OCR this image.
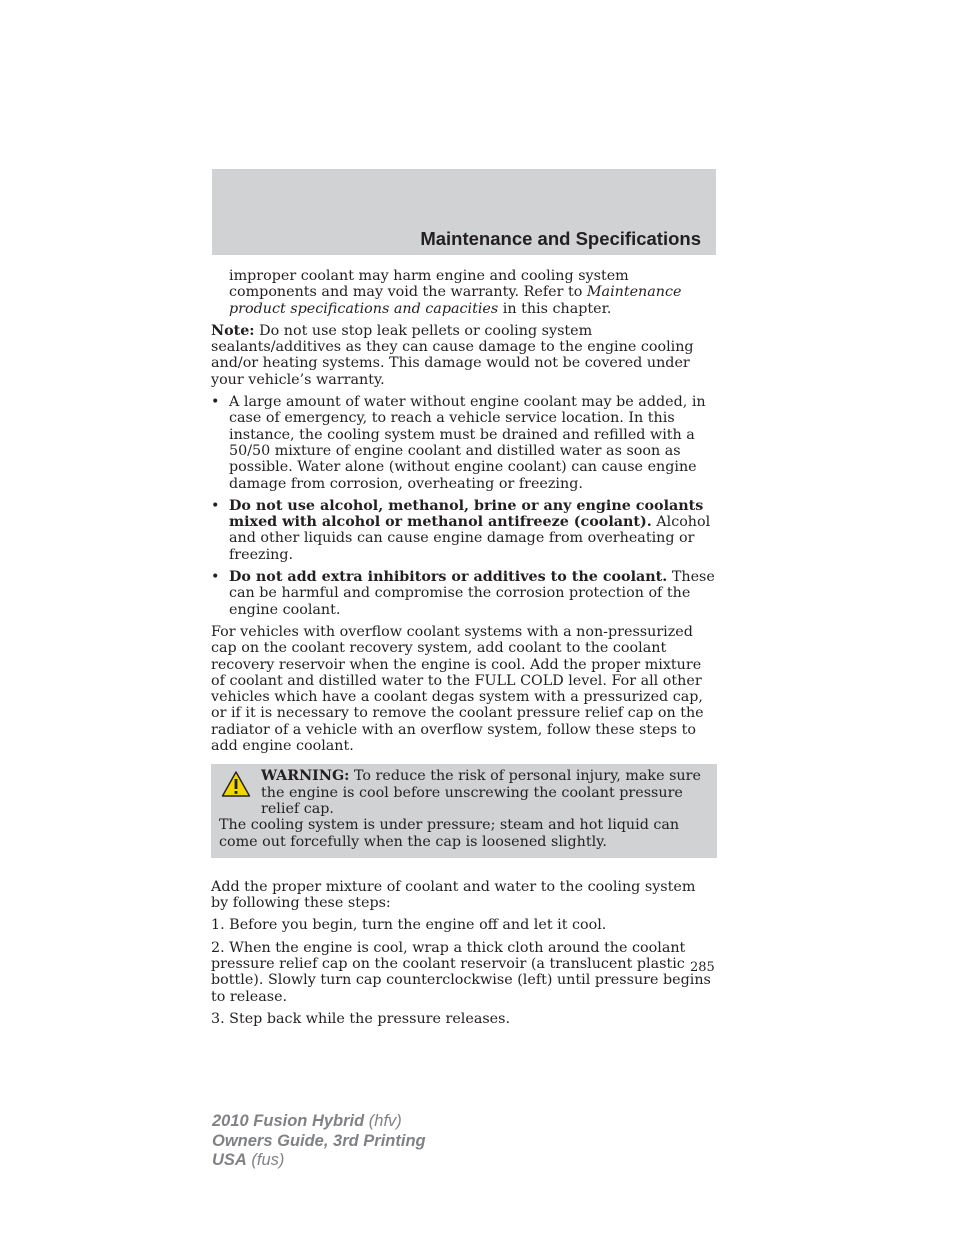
Maintenance and Specifications

improper coolant may harm engine and cooling system components and may void the warranty. Refer to Maintenance product specifications and capacities in this chapter.

Note: Do not use stop leak pellets or cooling system sealants/additives as they can cause damage to the engine cooling and/or heating systems. This damage would not be covered under your vehicle’s warranty.

• A large amount of water without engine coolant may be added, in case of emergency, to reach a vehicle service location. In this instance, the cooling system must be drained and refilled with a 50/50 mixture of engine coolant and distilled water as soon as possible. Water alone (without engine coolant) can cause engine damage from corrosion, overheating or freezing.
• Do not use alcohol, methanol, brine or any engine coolants mixed with alcohol or methanol antifreeze (coolant). Alcohol and other liquids can cause engine damage from overheating or freezing.
• Do not add extra inhibitors or additives to the coolant. These can be harmful and compromise the corrosion protection of the engine coolant.

For vehicles with overflow coolant systems with a non-pressurized cap on the coolant recovery system, add coolant to the coolant recovery reservoir when the engine is cool. Add the proper mixture of coolant and distilled water to the FULL COLD level. For all other vehicles which have a coolant degas system with a pressurized cap, or if it is necessary to remove the coolant pressure relief cap on the radiator of a vehicle with an overflow system, follow these steps to add engine coolant.

WARNING: To reduce the risk of personal injury, make sure the engine is cool before unscrewing the coolant pressure relief cap.
The cooling system is under pressure; steam and hot liquid can come out forcefully when the cap is loosened slightly.

Add the proper mixture of coolant and water to the cooling system by following these steps:

1. Before you begin, turn the engine off and let it cool.

2. When the engine is cool, wrap a thick cloth around the coolant pressure relief cap on the coolant reservoir (a translucent plastic bottle). Slowly turn cap counterclockwise (left) until pressure begins to release.

3. Step back while the pressure releases.

285
2010 Fusion Hybrid (hfv)
Owners Guide, 3rd Printing
USA (fus)
